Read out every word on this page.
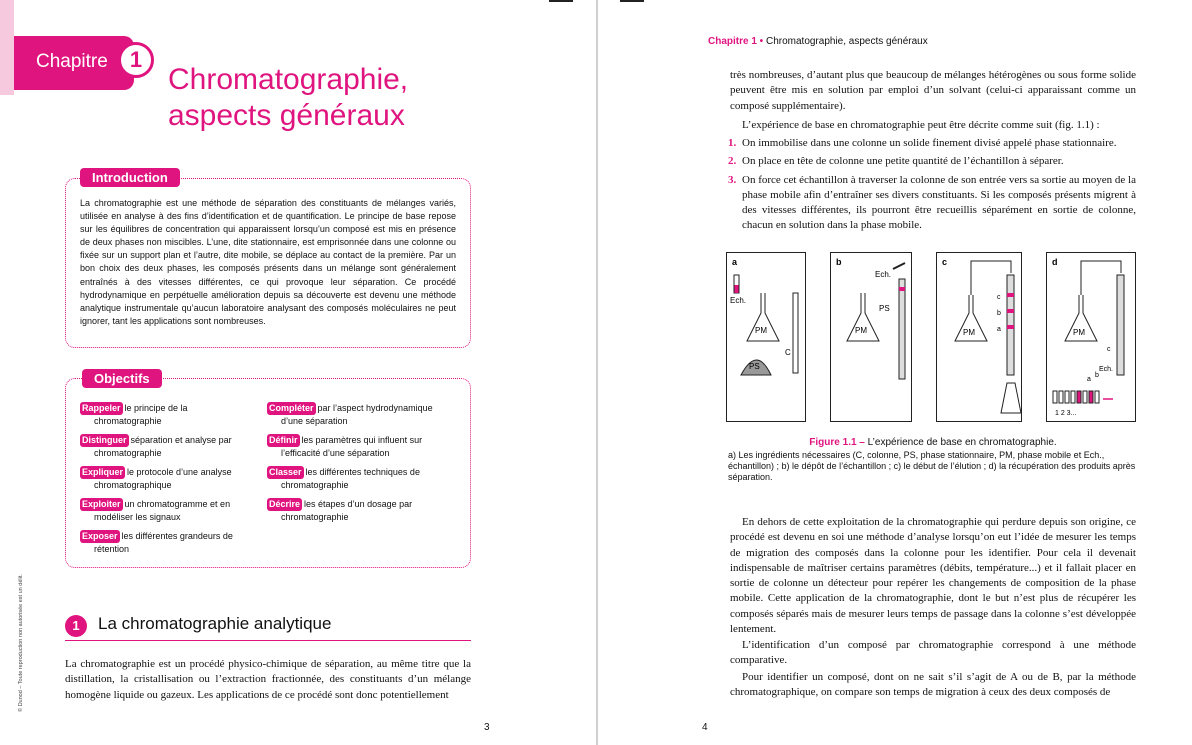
Chapitre	1
Chromatographie,
aspects généraux
Introduction
La chromatographie est une méthode de séparation des constituants de mélanges variés, utilisée en analyse à des fins d’identification et de quantification. Le principe de base repose sur les équilibres de concentration qui apparaissent lorsqu’un composé est mis en présence de deux phases non miscibles. L’une, dite stationnaire, est emprisonnée dans une colonne ou fixée sur un support plan et l’autre, dite mobile, se déplace au contact de la première. Par un bon choix des deux phases, les composés présents dans un mélange sont généralement entraînés à des vitesses différentes, ce qui provoque leur séparation. Ce procédé hydrodynamique en perpétuelle amélioration depuis sa découverte est devenu une méthode analytique instrumentale qu’aucun laboratoire analysant des composés moléculaires ne peut ignorer, tant les applications sont nombreuses.
Objectifs
Rappeler le principe de la
chromatographie
Distinguer séparation et analyse par
chromatographie
Expliquer le protocole d’une analyse
chromatographique
Exploiter un chromatogramme et en
modéliser les signaux
Exposer les différentes grandeurs de
rétention
Compléter par l’aspect hydrodynamique
d’une séparation
Définir les paramètres qui influent sur
l’efficacité d’une séparation
Classer les différentes techniques de
chromatographie
Décrire les étapes d’un dosage par
chromatographie
1	La chromatographie analytique
La chromatographie est un procédé physico-chimique de séparation, au même titre que la distillation, la cristallisation ou l’extraction fractionnée, des constituants d’un mélange homogène liquide ou gazeux. Les applications de ce procédé sont donc potentiellement
© Dunod – Toute reproduction non autorisée est un délit.
3
Chapitre 1 • Chromatographie, aspects généraux
très nombreuses, d’autant plus que beaucoup de mélanges hétérogènes ou sous forme solide peuvent être mis en solution par emploi d’un solvant (celui-ci apparaissant comme un composé supplémentaire).
L’expérience de base en chromatographie peut être décrite comme suit (fig. 1.1) :
1. On immobilise dans une colonne un solide finement divisé appelé phase stationnaire.
2. On place en tête de colonne une petite quantité de l’échantillon à séparer.
3. On force cet échantillon à traverser la colonne de son entrée vers sa sortie au moyen de la phase mobile afin d’entraîner ses divers constituants. Si les composés présents migrent à des vitesses différentes, ils pourront être recueillis séparément en sortie de colonne, chacun en solution dans la phase mobile.
a
Ech.
PM
PS
C
b
Ech.
PM
PS
c
PM
c
b
a
d
PM
Ech.
c
a
b
1 2 3...
Figure 1.1 – L’expérience de base en chromatographie.
a) Les ingrédients nécessaires (C, colonne, PS, phase stationnaire, PM, phase mobile et Ech., échantillon) ; b) le dépôt de l’échantillon ; c) le début de l’élution ; d) la récupération des produits après séparation.
En dehors de cette exploitation de la chromatographie qui perdure depuis son origine, ce procédé est devenu en soi une méthode d’analyse lorsqu’on eut l’idée de mesurer les temps de migration des composés dans la colonne pour les identifier. Pour cela il devenait indispensable de maîtriser certains paramètres (débits, température...) et il fallait placer en sortie de colonne un détecteur pour repérer les changements de composition de la phase mobile. Cette application de la chromatographie, dont le but n’est plus de récupérer les composés séparés mais de mesurer leurs temps de passage dans la colonne s’est développée lentement.
L’identification d’un composé par chromatographie correspond à une méthode comparative.
Pour identifier un composé, dont on ne sait s’il s’agit de A ou de B, par la méthode chromatographique, on compare son temps de migration à ceux des deux composés de
4
